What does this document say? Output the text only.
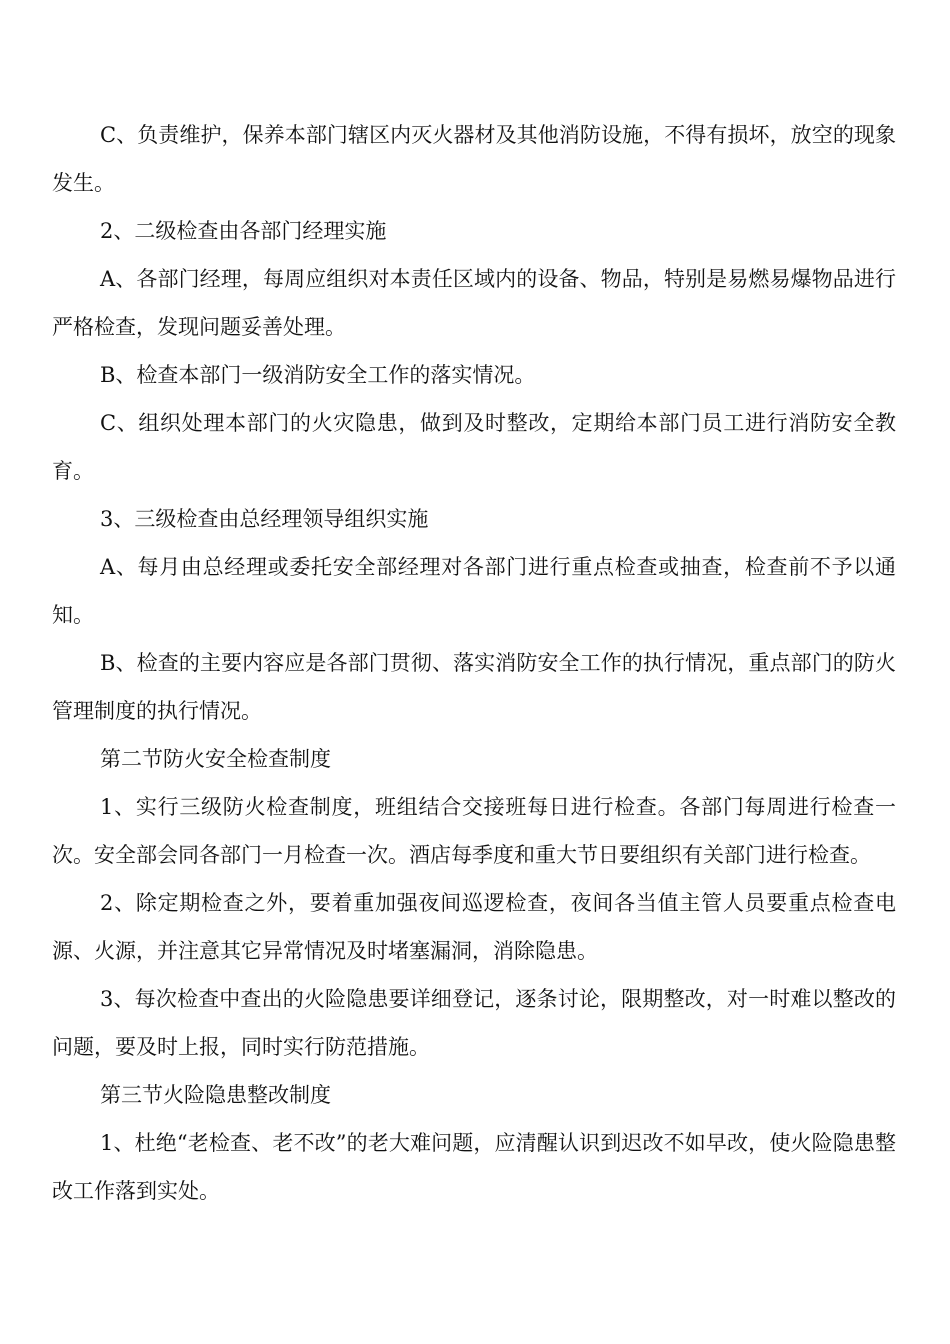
C、负责维护，保养本部门辖区内灭火器材及其他消防设施，不得有损坏，放空的现象发生。

2、二级检查由各部门经理实施

A、各部门经理，每周应组织对本责任区域内的设备、物品，特别是易燃易爆物品进行严格检查，发现问题妥善处理。

B、检查本部门一级消防安全工作的落实情况。

C、组织处理本部门的火灾隐患，做到及时整改，定期给本部门员工进行消防安全教育。

3、三级检查由总经理领导组织实施

A、每月由总经理或委托安全部经理对各部门进行重点检查或抽查，检查前不予以通知。

B、检查的主要内容应是各部门贯彻、落实消防安全工作的执行情况，重点部门的防火管理制度的执行情况。

第二节防火安全检查制度

1、实行三级防火检查制度，班组结合交接班每日进行检查。各部门每周进行检查一次。安全部会同各部门一月检查一次。酒店每季度和重大节日要组织有关部门进行检查。

2、除定期检查之外，要着重加强夜间巡逻检查，夜间各当值主管人员要重点检查电源、火源，并注意其它异常情况及时堵塞漏洞，消除隐患。

3、每次检查中查出的火险隐患要详细登记，逐条讨论，限期整改，对一时难以整改的问题，要及时上报，同时实行防范措施。

第三节火险隐患整改制度

1、杜绝“老检查、老不改”的老大难问题，应清醒认识到迟改不如早改，使火险隐患整改工作落到实处。
